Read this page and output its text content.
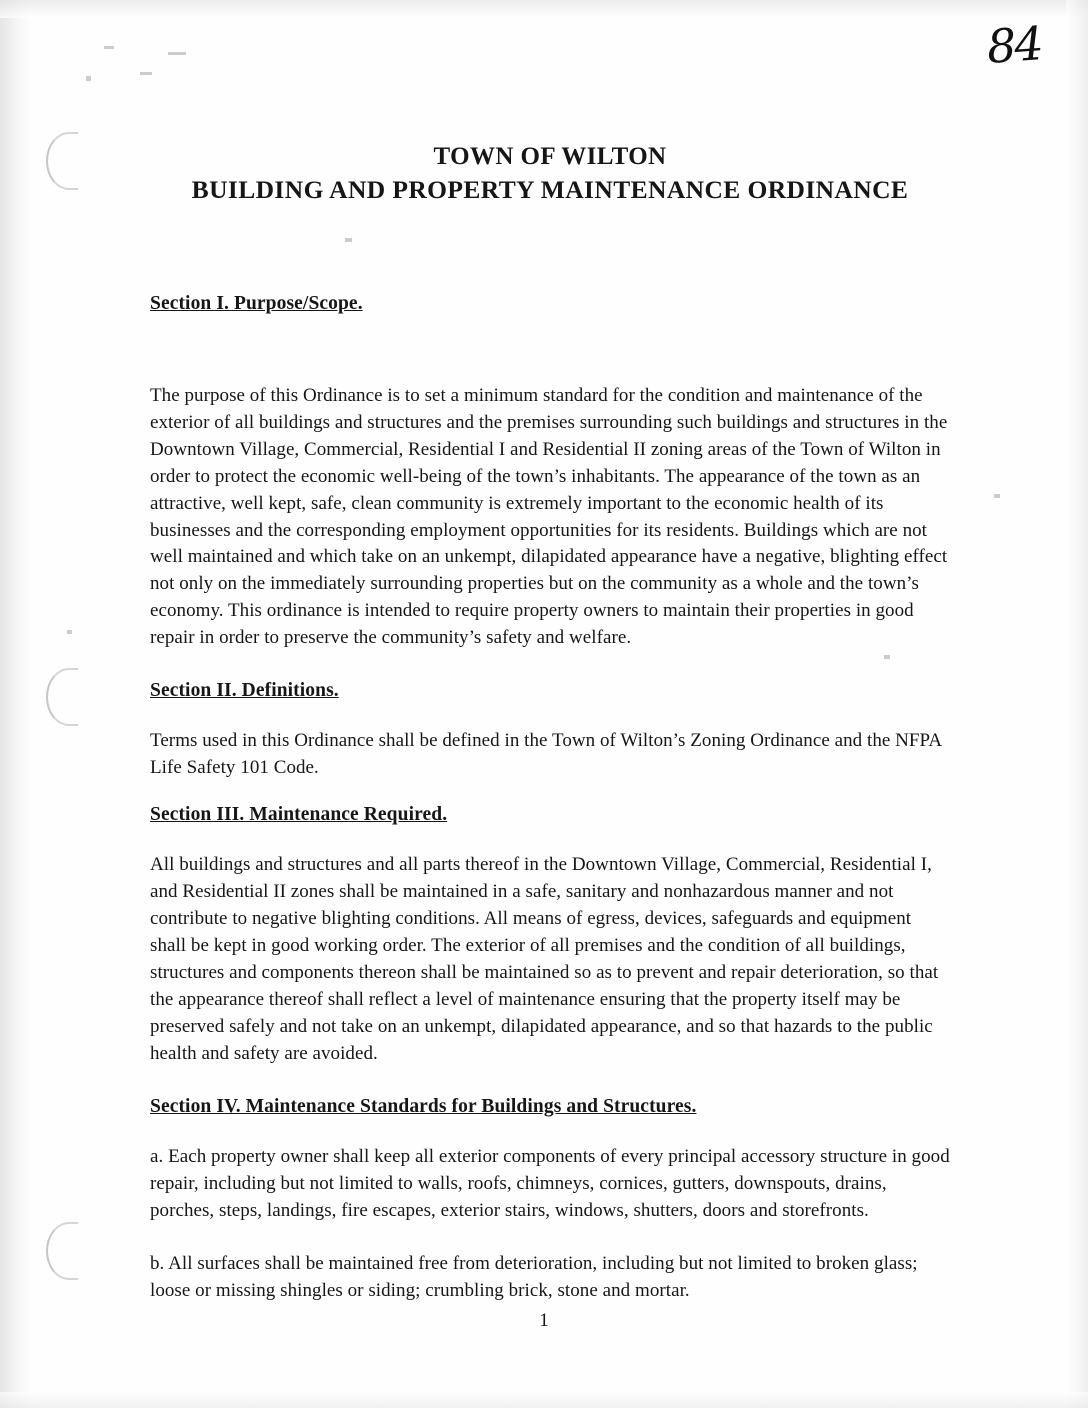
84
TOWN OF WILTON
BUILDING AND PROPERTY MAINTENANCE ORDINANCE
Section I. Purpose/Scope.

The purpose of this Ordinance is to set a minimum standard for the condition and maintenance of the exterior of all buildings and structures and the premises surrounding such buildings and structures in the Downtown Village, Commercial, Residential I and Residential II zoning areas of the Town of Wilton in order to protect the economic well-being of the town’s inhabitants. The appearance of the town as an attractive, well kept, safe, clean community is extremely important to the economic health of its businesses and the corresponding employment opportunities for its residents. Buildings which are not well maintained and which take on an unkempt, dilapidated appearance have a negative, blighting effect not only on the immediately surrounding properties but on the community as a whole and the town’s economy. This ordinance is intended to require property owners to maintain their properties in good repair in order to preserve the community’s safety and welfare.

Section II. Definitions.

Terms used in this Ordinance shall be defined in the Town of Wilton’s Zoning Ordinance and the NFPA Life Safety 101 Code.

Section III. Maintenance Required.

All buildings and structures and all parts thereof in the Downtown Village, Commercial, Residential I, and Residential II zones shall be maintained in a safe, sanitary and nonhazardous manner and not contribute to negative blighting conditions. All means of egress, devices, safeguards and equipment shall be kept in good working order. The exterior of all premises and the condition of all buildings, structures and components thereon shall be maintained so as to prevent and repair deterioration, so that the appearance thereof shall reflect a level of maintenance ensuring that the property itself may be preserved safely and not take on an unkempt, dilapidated appearance, and so that hazards to the public health and safety are avoided.

Section IV. Maintenance Standards for Buildings and Structures.

a. Each property owner shall keep all exterior components of every principal accessory structure in good repair, including but not limited to walls, roofs, chimneys, cornices, gutters, downspouts, drains, porches, steps, landings, fire escapes, exterior stairs, windows, shutters, doors and storefronts.

b. All surfaces shall be maintained free from deterioration, including but not limited to broken glass; loose or missing shingles or siding; crumbling brick, stone and mortar.

1
